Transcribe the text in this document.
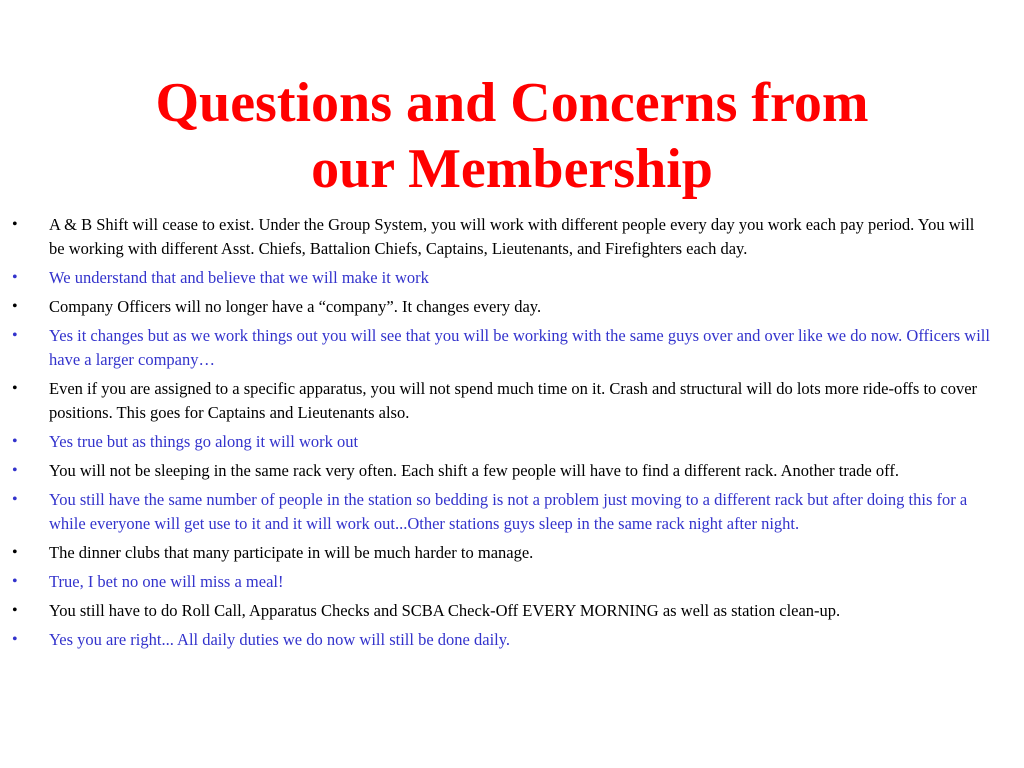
Questions and Concerns from
our Membership
• A & B Shift will cease to exist. Under the Group System, you will work with different people every day you work each pay period. You will be working with different Asst. Chiefs, Battalion Chiefs, Captains, Lieutenants, and Firefighters each day.
• We understand that and believe that we will make it work
• Company Officers will no longer have a “company”. It changes every day.
• Yes it changes but as we work things out you will see that you will be working with the same guys over and over like we do now. Officers will have a larger company…
• Even if you are assigned to a specific apparatus, you will not spend much time on it. Crash and structural will do lots more ride-offs to cover positions. This goes for Captains and Lieutenants also.
• Yes true but as things go along it will work out
• You will not be sleeping in the same rack very often. Each shift a few people will have to find a different rack. Another trade off.
• You still have the same number of people in the station so bedding is not a problem just moving to a different rack but after doing this for a while everyone will get use to it and it will work out...Other stations guys sleep in the same rack night after night.
• The dinner clubs that many participate in will be much harder to manage.
• True, I bet no one will miss a meal!
• You still have to do Roll Call, Apparatus Checks and SCBA Check-Off EVERY MORNING as well as station clean-up.
• Yes you are right... All daily duties we do now will still be done daily.
